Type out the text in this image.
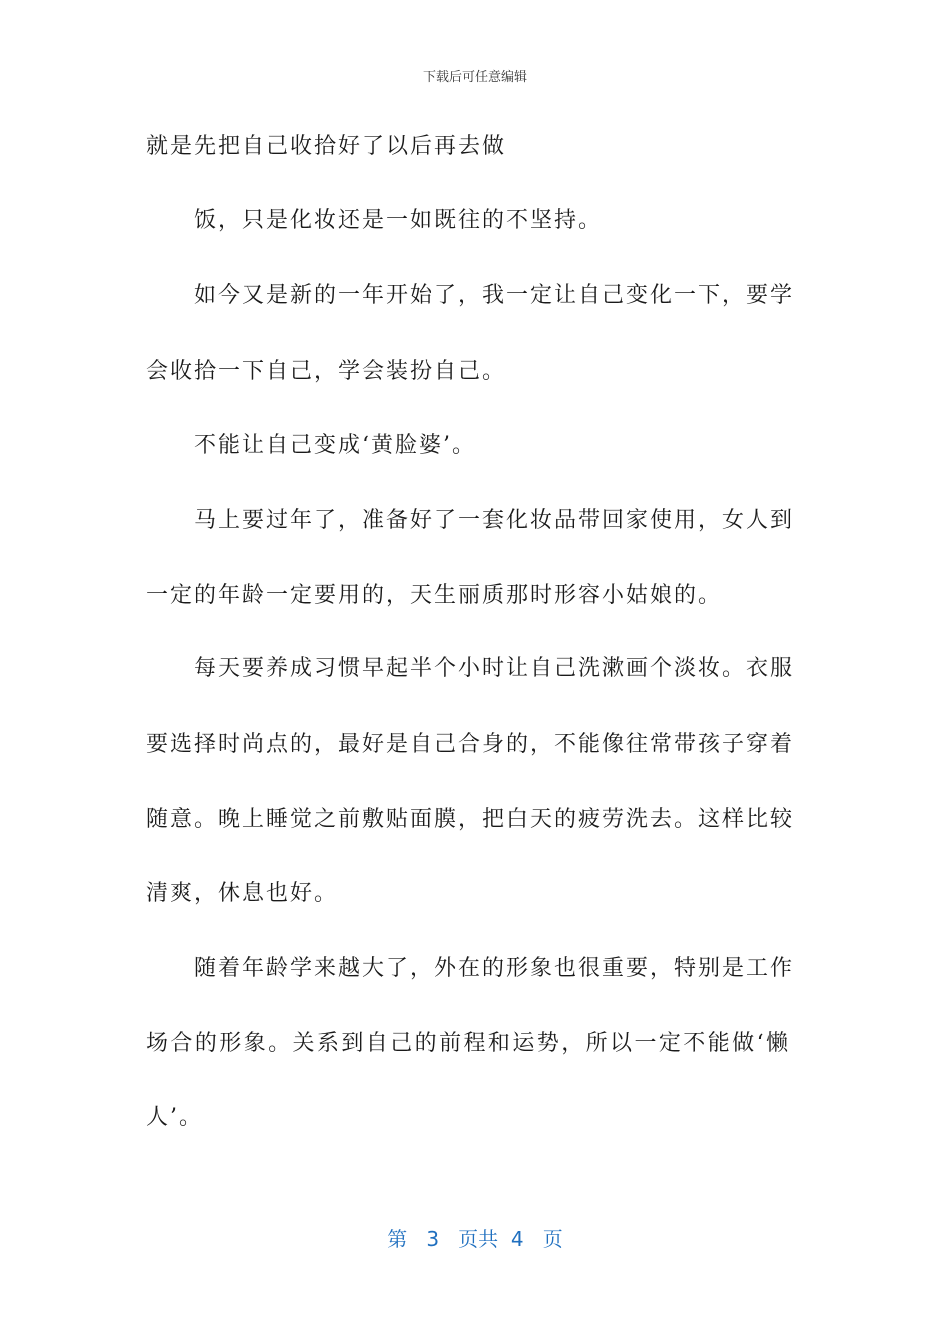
下载后可任意编辑
就是先把自己收拾好了以后再去做
饭，只是化妆还是一如既往的不坚持。
如今又是新的一年开始了，我一定让自己变化一下，要学
会收拾一下自己，学会装扮自己。
不能让自己变成‘黄脸婆’。
马上要过年了，准备好了一套化妆品带回家使用，女人到
一定的年龄一定要用的，天生丽质那时形容小姑娘的。
每天要养成习惯早起半个小时让自己洗漱画个淡妆。衣服
要选择时尚点的，最好是自己合身的，不能像往常带孩子穿着
随意。晚上睡觉之前敷贴面膜，把白天的疲劳洗去。这样比较
清爽，休息也好。
随着年龄学来越大了，外在的形象也很重要，特别是工作
场合的形象。关系到自己的前程和运势，所以一定不能做‘懒
人’。
第 3 页共 4 页
